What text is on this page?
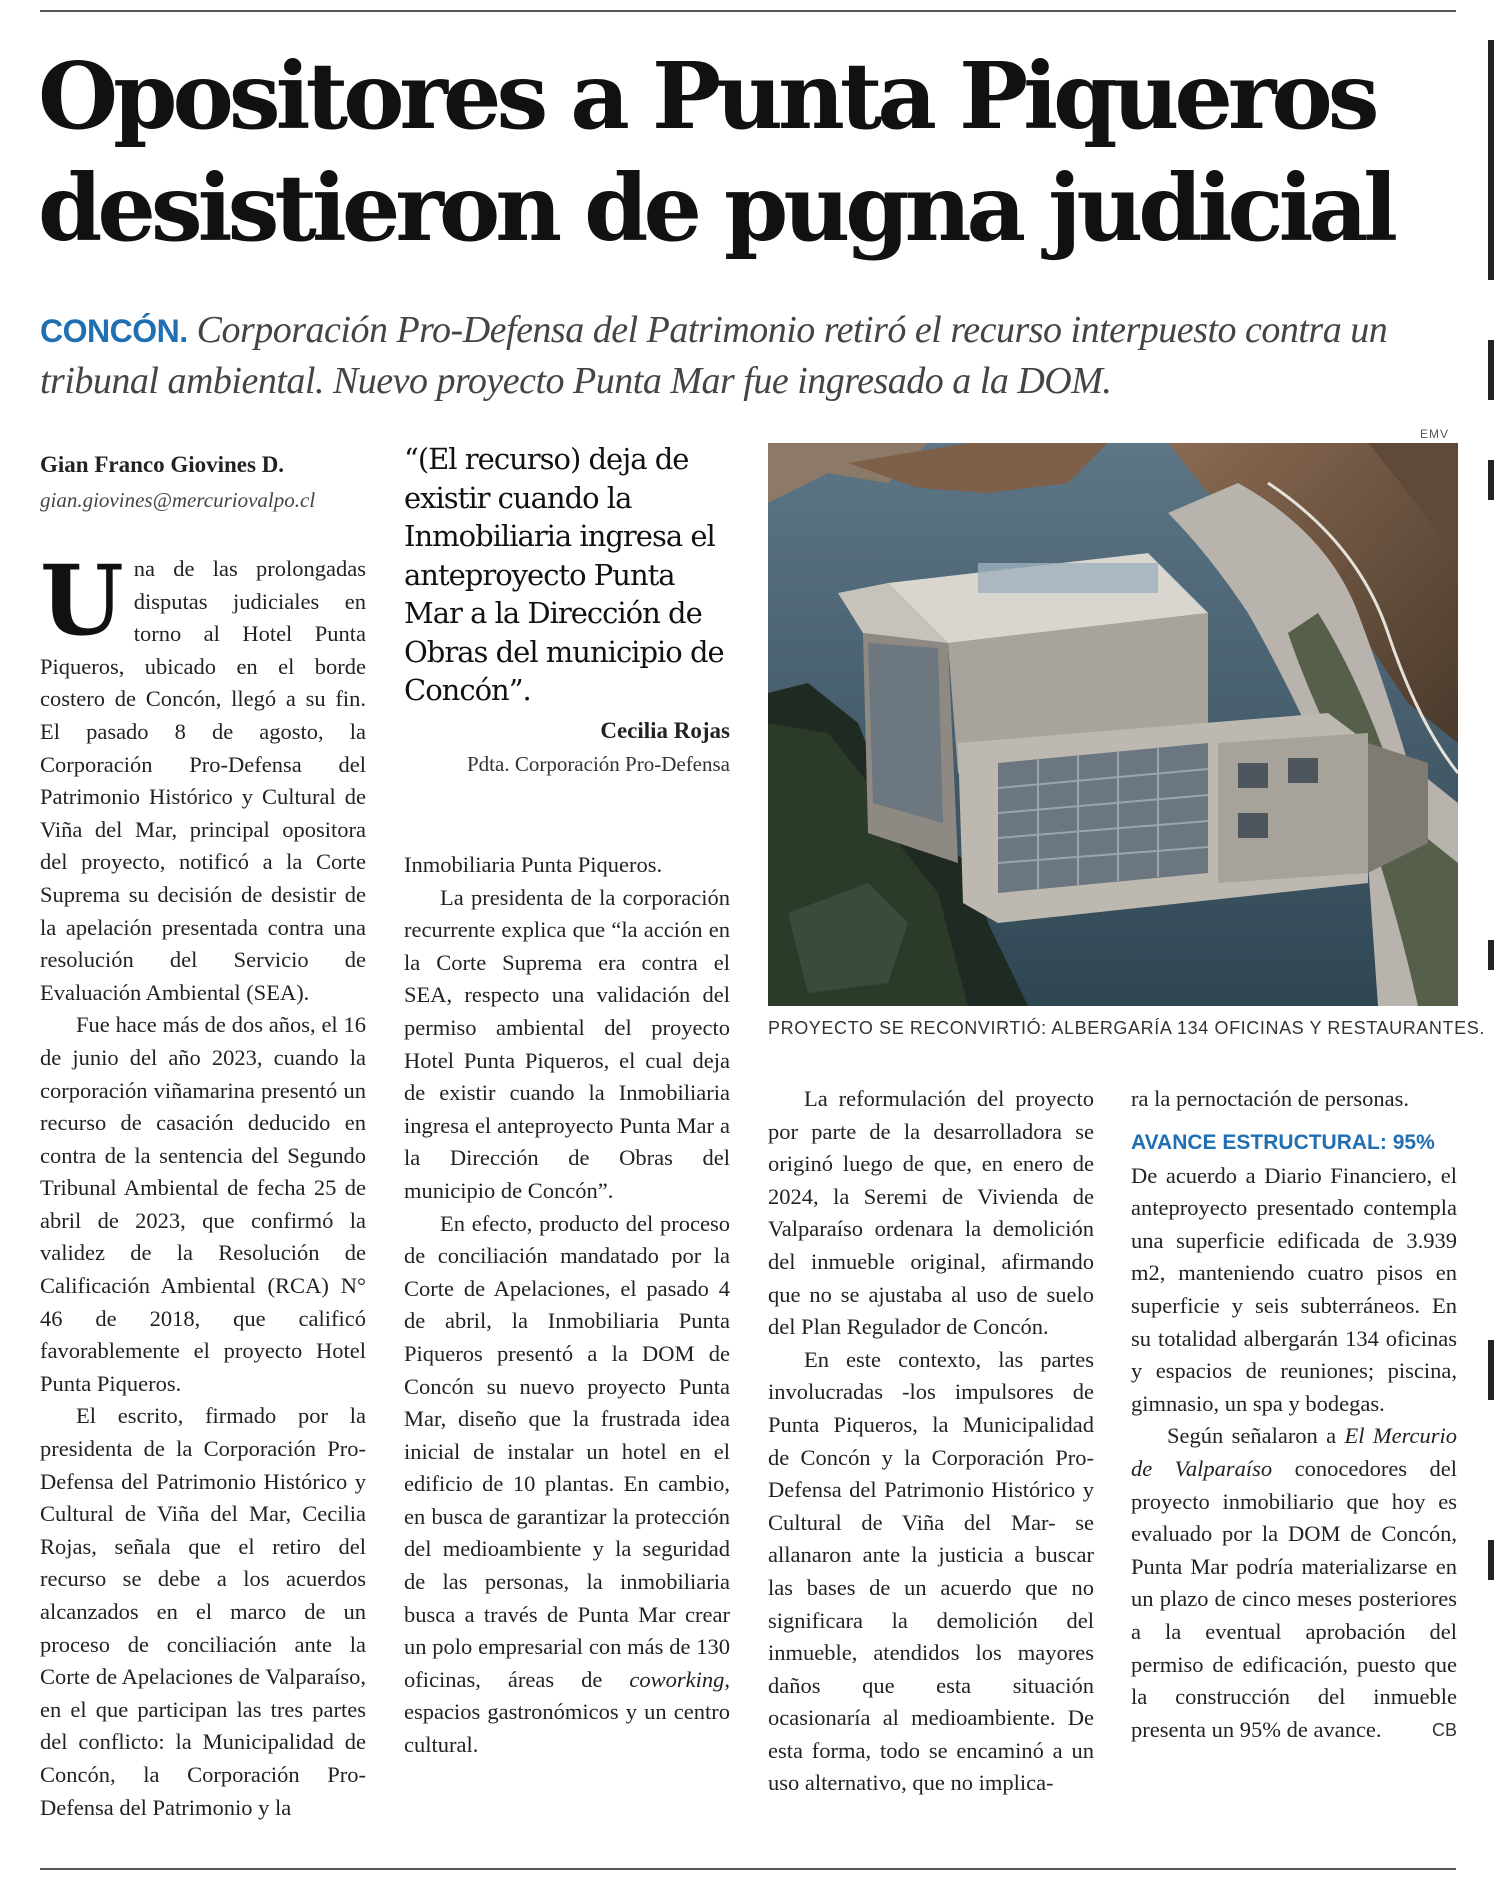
Opositores a Punta Piqueros desistieron de pugna judicial
CONCÓN. Corporación Pro-Defensa del Patrimonio retiró el recurso interpuesto contra un tribunal ambiental. Nuevo proyecto Punta Mar fue ingresado a la DOM.
Gian Franco Giovines D.
gian.giovines@mercuriovalpo.cl

Una de las prolongadas disputas judiciales en torno al Hotel Punta Piqueros, ubicado en el borde costero de Concón, llegó a su fin. El pasado 8 de agosto, la Corporación Pro-Defensa del Patrimonio Histórico y Cultural de Viña del Mar, principal opositora del proyecto, notificó a la Corte Suprema su decisión de desistir de la apelación presentada contra una resolución del Servicio de Evaluación Ambiental (SEA).

Fue hace más de dos años, el 16 de junio del año 2023, cuando la corporación viñamarina presentó un recurso de casación deducido en contra de la sentencia del Segundo Tribunal Ambiental de fecha 25 de abril de 2023, que confirmó la validez de la Resolución de Calificación Ambiental (RCA) N° 46 de 2018, que calificó favorablemente el proyecto Hotel Punta Piqueros.

El escrito, firmado por la presidenta de la Corporación Pro-Defensa del Patrimonio Histórico y Cultural de Viña del Mar, Cecilia Rojas, señala que el retiro del recurso se debe a los acuerdos alcanzados en el marco de un proceso de conciliación ante la Corte de Apelaciones de Valparaíso, en el que participan las tres partes del conflicto: la Municipalidad de Concón, la Corporación Pro-Defensa del Patrimonio y la

“(El recurso) deja de existir cuando la Inmobiliaria ingresa el anteproyecto Punta Mar a la Dirección de Obras del municipio de Concón”.
Cecilia Rojas
Pdta. Corporación Pro-Defensa

Inmobiliaria Punta Piqueros.

La presidenta de la corporación recurrente explica que “la acción en la Corte Suprema era contra el SEA, respecto una validación del permiso ambiental del proyecto Hotel Punta Piqueros, el cual deja de existir cuando la Inmobiliaria ingresa el anteproyecto Punta Mar a la Dirección de Obras del municipio de Concón”.

En efecto, producto del proceso de conciliación mandatado por la Corte de Apelaciones, el pasado 4 de abril, la Inmobiliaria Punta Piqueros presentó a la DOM de Concón su nuevo proyecto Punta Mar, diseño que la frustrada idea inicial de instalar un hotel en el edificio de 10 plantas. En cambio, en busca de garantizar la protección del medioambiente y la seguridad de las personas, la inmobiliaria busca a través de Punta Mar crear un polo empresarial con más de 130 oficinas, áreas de coworking, espacios gastronómicos y un centro cultural.

EMV
PROYECTO SE RECONVIRTIÓ: ALBERGARÍA 134 OFICINAS Y RESTAURANTES.

La reformulación del proyecto por parte de la desarrolladora se originó luego de que, en enero de 2024, la Seremi de Vivienda de Valparaíso ordenara la demolición del inmueble original, afirmando que no se ajustaba al uso de suelo del Plan Regulador de Concón.

En este contexto, las partes involucradas -los impulsores de Punta Piqueros, la Municipalidad de Concón y la Corporación Pro-Defensa del Patrimonio Histórico y Cultural de Viña del Mar- se allanaron ante la justicia a buscar las bases de un acuerdo que no significara la demolición del inmueble, atendidos los mayores daños que esta situación ocasionaría al medioambiente. De esta forma, todo se encaminó a un uso alternativo, que no implica-

ra la pernoctación de personas.

AVANCE ESTRUCTURAL: 95%

De acuerdo a Diario Financiero, el anteproyecto presentado contempla una superficie edificada de 3.939 m2, manteniendo cuatro pisos en superficie y seis subterráneos. En su totalidad albergarán 134 oficinas y espacios de reuniones; piscina, gimnasio, un spa y bodegas.

Según señalaron a El Mercurio de Valparaíso conocedores del proyecto inmobiliario que hoy es evaluado por la DOM de Concón, Punta Mar podría materializarse en un plazo de cinco meses posteriores a la eventual aprobación del permiso de edificación, puesto que la construcción del inmueble presenta un 95% de avance.	CB
